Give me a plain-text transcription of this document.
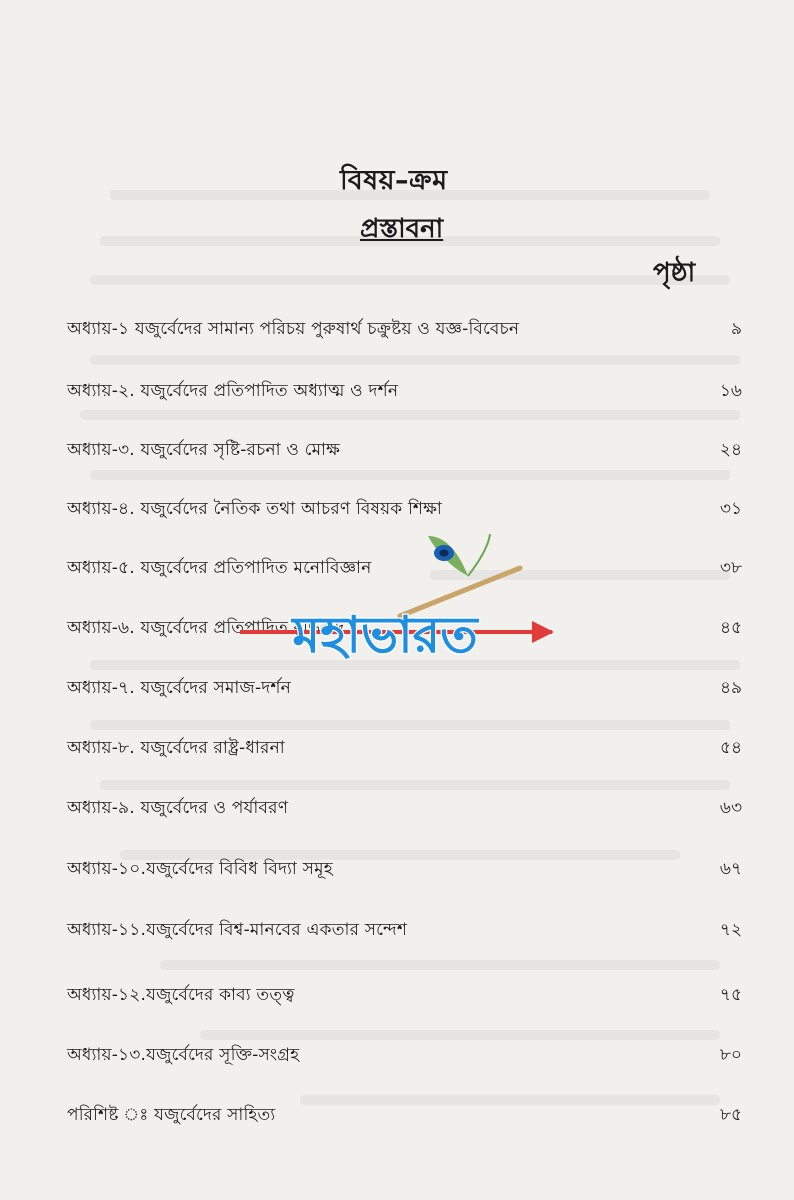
বিষয়–ক্রম
প্রস্তাবনা
পৃষ্ঠা
অধ্যায়-১ যজুর্বেদের সামান্য পরিচয় পুরুষার্থ চক্রুষ্টয় ও যজ্ঞ-বিবেচন	৯
অধ্যায়-২. যজুর্বেদের প্রতিপাদিত অধ্যাত্ম ও দর্শন	১৬
অধ্যায়-৩. যজুর্বেদের সৃষ্টি-রচনা ও মোক্ষ	২৪
অধ্যায়-৪. যজুর্বেদের নৈতিক তথা আচরণ বিষয়ক শিক্ষা	৩১
অধ্যায়-৫. যজুর্বেদের প্রতিপাদিত মনোবিজ্ঞান	৩৮
অধ্যায়-৬. যজুর্বেদের প্রতিপাদিত বুদ্ধিবাদ	৪৫
অধ্যায়-৭. যজুর্বেদের সমাজ-দর্শন	৪৯
অধ্যায়-৮. যজুর্বেদের রাষ্ট্র-ধারনা	৫৪
অধ্যায়-৯. যজুর্বেদের ও পর্যাবরণ	৬৩
অধ্যায়-১০.যজুর্বেদের বিবিধ বিদ্যা সমূহ	৬৭
অধ্যায়-১১.যজুর্বেদের বিশ্ব-মানবের একতার সন্দেশ	৭২
অধ্যায়-১২.যজুর্বেদের কাব্য তত্ত্ব	৭৫
অধ্যায়-১৩.যজুর্বেদের সূক্তি-সংগ্রহ	৮০
পরিশিষ্ট ঃ যজুর্বেদের সাহিত্য	৮৫
মহাভারত
